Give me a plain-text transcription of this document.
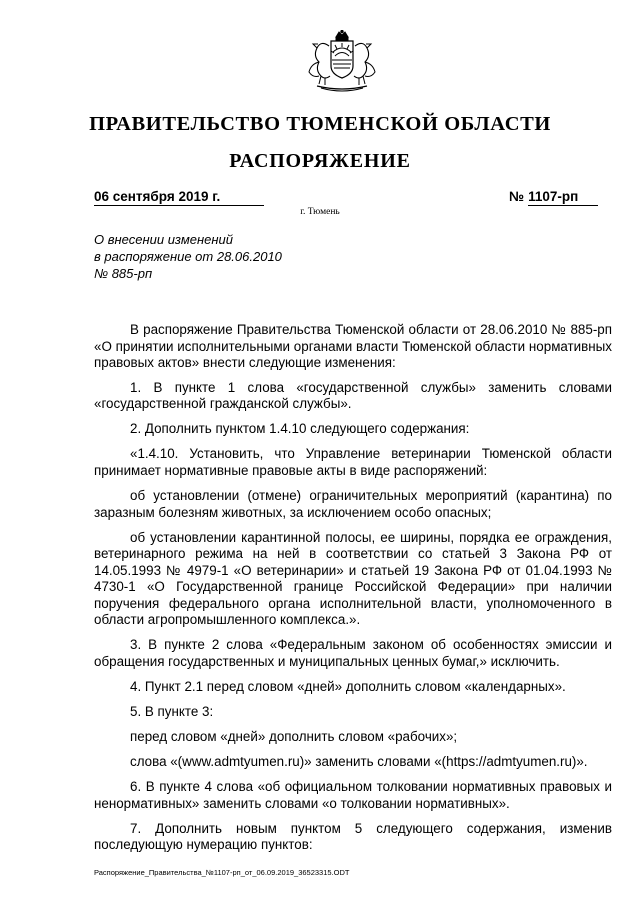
ПРАВИТЕЛЬСТВО ТЮМЕНСКОЙ ОБЛАСТИ
РАСПОРЯЖЕНИЕ
06 сентября 2019 г.	№ 1107-рп
г. Тюмень
О внесении изменений
в распоряжение от 28.06.2010
№ 885-рп

В распоряжение Правительства Тюменской области от 28.06.2010 № 885-рп «О принятии исполнительными органами власти Тюменской области нормативных правовых актов» внести следующие изменения:

1. В пункте 1 слова «государственной службы» заменить словами «государственной гражданской службы».

2. Дополнить пунктом 1.4.10 следующего содержания:

«1.4.10. Установить, что Управление ветеринарии Тюменской области принимает нормативные правовые акты в виде распоряжений:

об установлении (отмене) ограничительных мероприятий (карантина) по заразным болезням животных, за исключением особо опасных;

об установлении карантинной полосы, ее ширины, порядка ее ограждения, ветеринарного режима на ней в соответствии со статьей 3 Закона РФ от 14.05.1993 № 4979-1 «О ветеринарии» и статьей 19 Закона РФ от 01.04.1993 № 4730-1 «О Государственной границе Российской Федерации» при наличии поручения федерального органа исполнительной власти, уполномоченного в области агропромышленного комплекса.».

3. В пункте 2 слова «Федеральным законом об особенностях эмиссии и обращения государственных и муниципальных ценных бумаг,» исключить.

4. Пункт 2.1 перед словом «дней» дополнить словом «календарных».

5. В пункте 3:

перед словом «дней» дополнить словом «рабочих»;

слова «(www.admtyumen.ru)» заменить словами «(https://admtyumen.ru)».

6. В пункте 4 слова «об официальном толковании нормативных правовых и ненормативных» заменить словами «о толковании нормативных».

7. Дополнить новым пунктом 5 следующего содержания, изменив последующую нумерацию пунктов:

Распоряжение_Правительства_№1107-рп_от_06.09.2019_36523315.ODT
